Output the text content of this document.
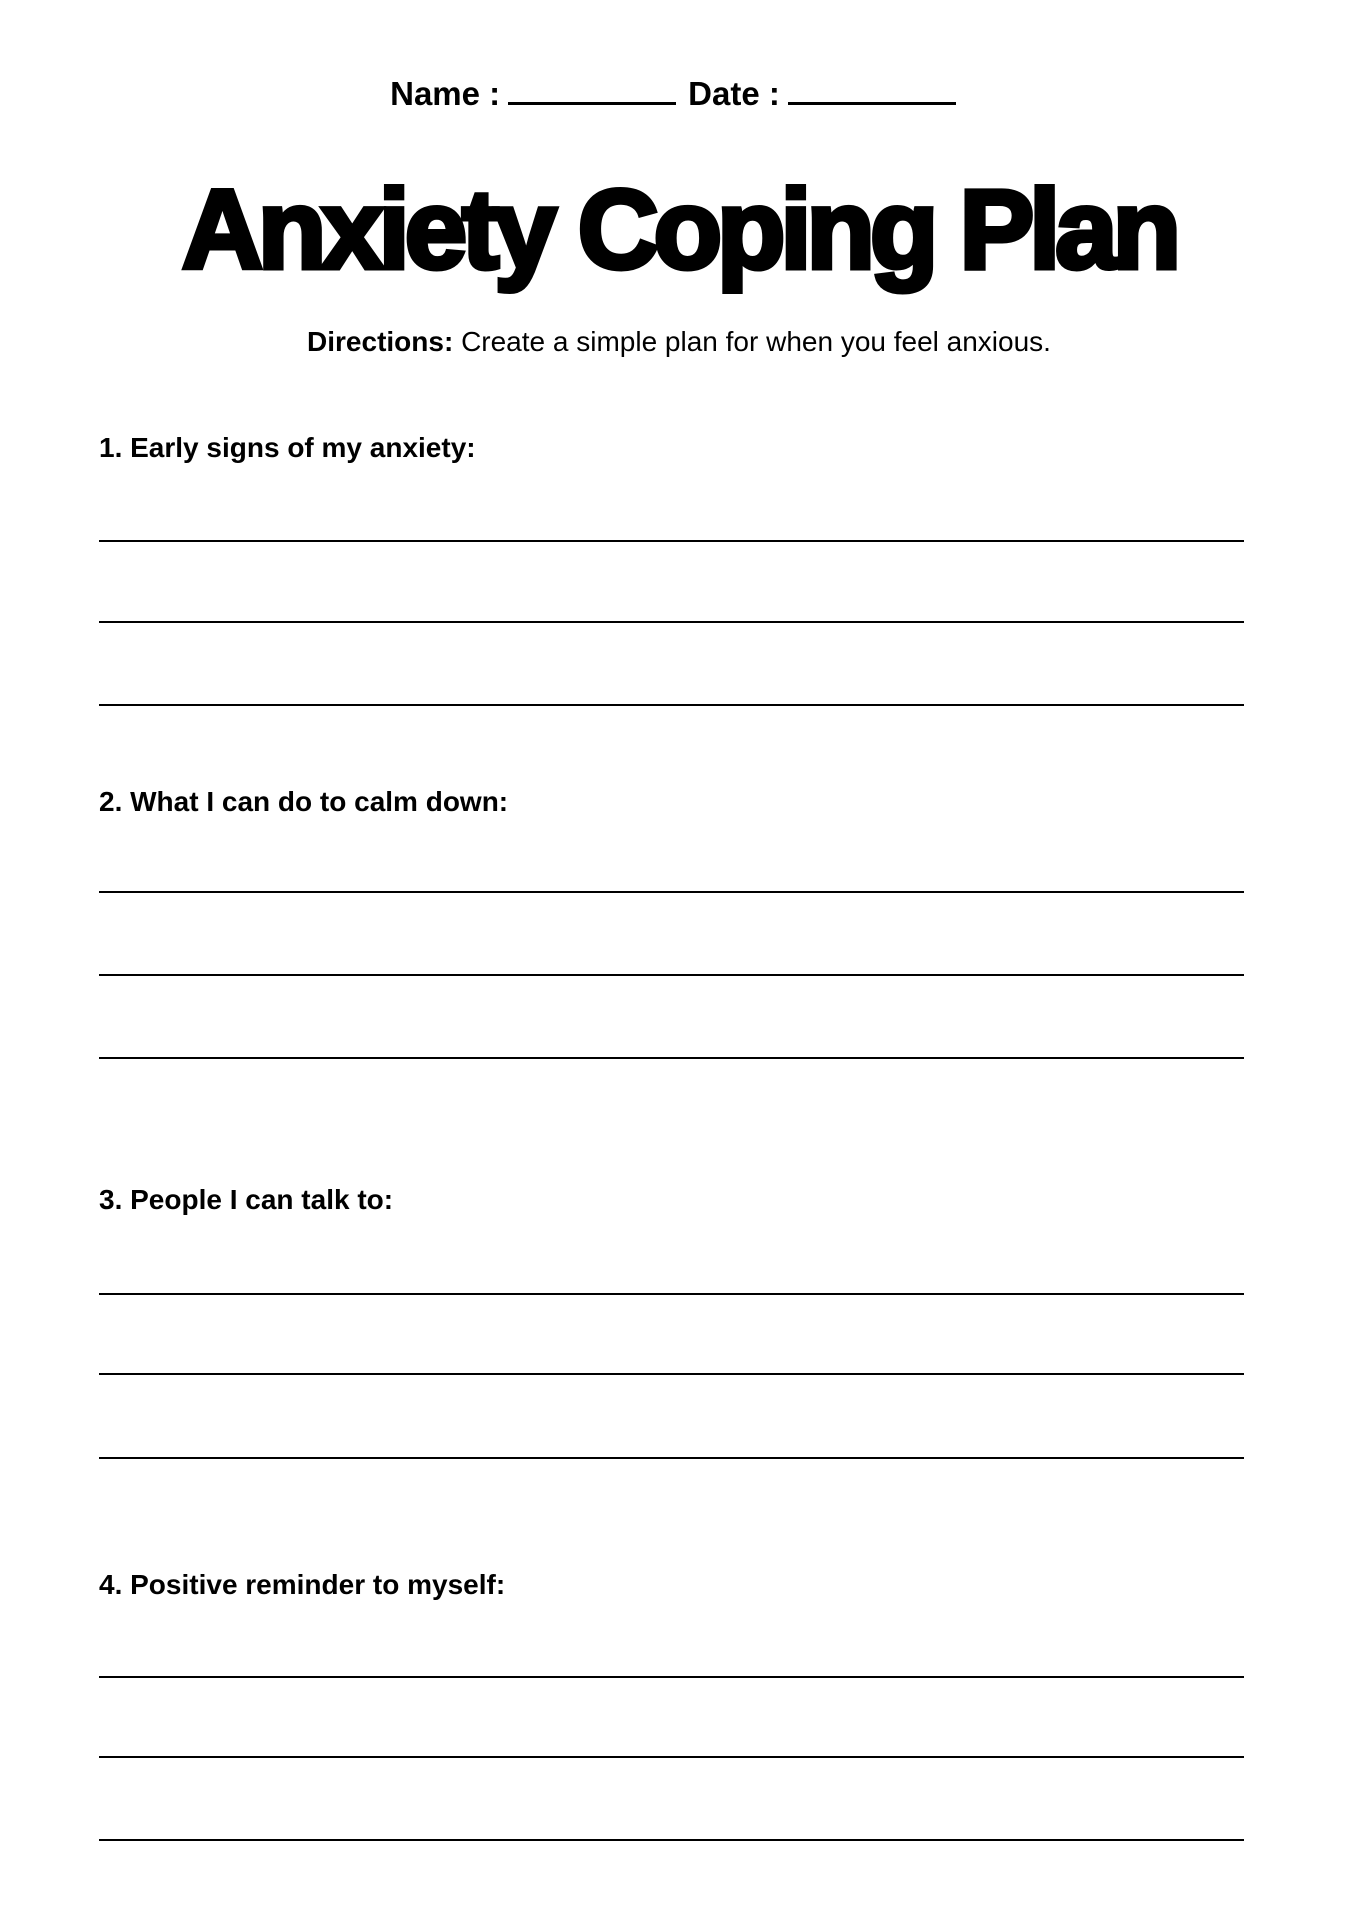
Name :	Date :
Anxiety Coping Plan
Directions: Create a simple plan for when you feel anxious.
1. Early signs of my anxiety:
2. What I can do to calm down:
3. People I can talk to:
4. Positive reminder to myself:
